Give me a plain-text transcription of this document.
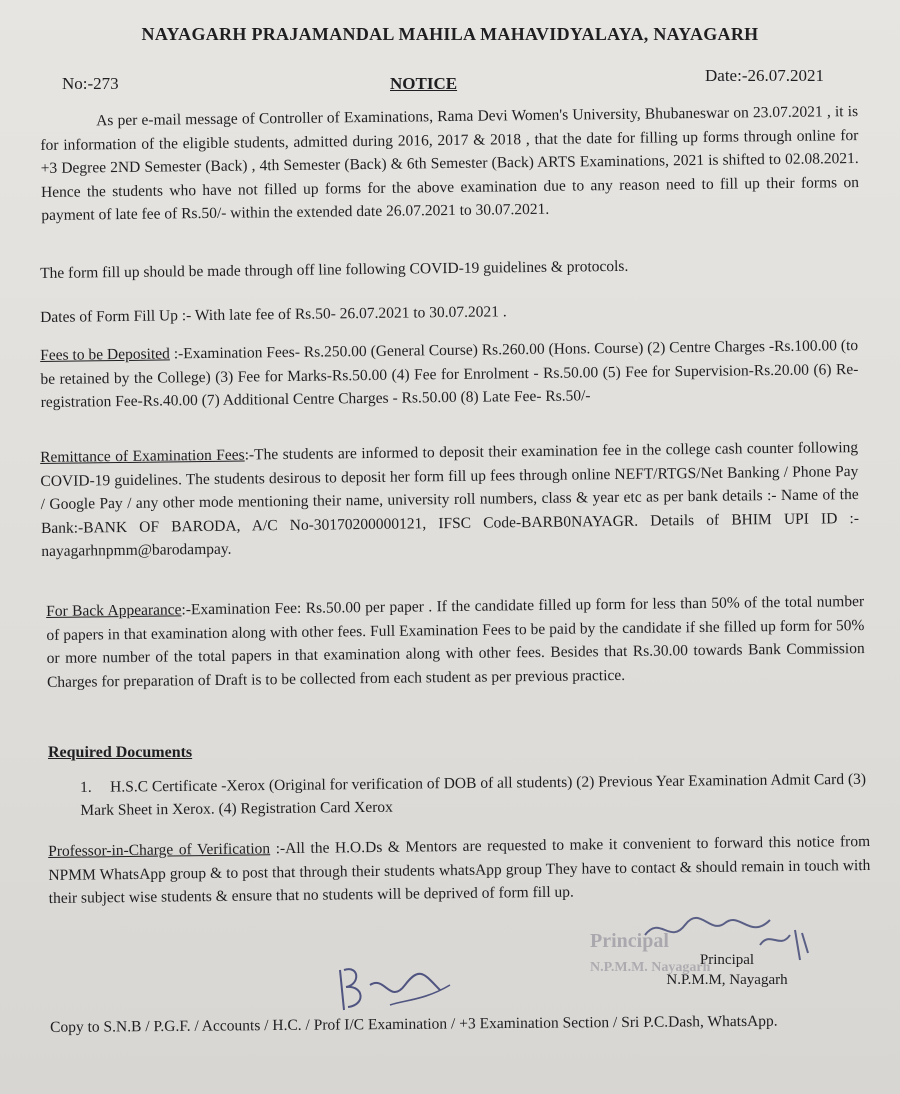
NAYAGARH PRAJAMANDAL MAHILA MAHAVIDYALAYA, NAYAGARH
No:-273	NOTICE	Date:-26.07.2021
As per e-mail message of Controller of Examinations, Rama Devi Women's University, Bhubaneswar on 23.07.2021 , it is for information of the eligible students, admitted during 2016, 2017 & 2018 , that the date for filling up forms through online for +3 Degree 2ND Semester (Back) , 4th Semester (Back) & 6th Semester (Back) ARTS Examinations, 2021 is shifted to 02.08.2021. Hence the students who have not filled up forms for the above examination due to any reason need to fill up their forms on payment of late fee of Rs.50/- within the extended date 26.07.2021 to 30.07.2021.
The form fill up should be made through off line following COVID-19 guidelines & protocols.
Dates of Form Fill Up :- With late fee of Rs.50- 26.07.2021 to 30.07.2021 .
Fees to be Deposited :-Examination Fees- Rs.250.00 (General Course) Rs.260.00 (Hons. Course) (2) Centre Charges -Rs.100.00 (to be retained by the College) (3) Fee for Marks-Rs.50.00 (4) Fee for Enrolment - Rs.50.00 (5) Fee for Supervision-Rs.20.00 (6) Re-registration Fee-Rs.40.00 (7) Additional Centre Charges - Rs.50.00 (8) Late Fee- Rs.50/-
Remittance of Examination Fees:-The students are informed to deposit their examination fee in the college cash counter following COVID-19 guidelines. The students desirous to deposit her form fill up fees through online NEFT/RTGS/Net Banking / Phone Pay / Google Pay / any other mode mentioning their name, university roll numbers, class & year etc as per bank details :- Name of the Bank:-BANK OF BARODA, A/C No-30170200000121, IFSC Code-BARB0NAYAGR. Details of BHIM UPI ID :- nayagarhnpmm@barodampay.
For Back Appearance:-Examination Fee: Rs.50.00 per paper . If the candidate filled up form for less than 50% of the total number of papers in that examination along with other fees. Full Examination Fees to be paid by the candidate if she filled up form for 50% or more number of the total papers in that examination along with other fees. Besides that Rs.30.00 towards Bank Commission Charges for preparation of Draft is to be collected from each student as per previous practice.
Required Documents
1. H.S.C Certificate -Xerox (Original for verification of DOB of all students) (2) Previous Year Examination Admit Card (3) Mark Sheet in Xerox. (4) Registration Card Xerox
Professor-in-Charge of Verification :-All the H.O.Ds & Mentors are requested to make it convenient to forward this notice from NPMM WhatsApp group & to post that through their students whatsApp group They have to contact & should remain in touch with their subject wise students & ensure that no students will be deprived of form fill up.
Principal
N.P.M.M. Nayagarh
Principal
N.P.M.M, Nayagarh
Copy to S.N.B / P.G.F. / Accounts / H.C. / Prof I/C Examination / +3 Examination Section / Sri P.C.Dash, WhatsApp.
